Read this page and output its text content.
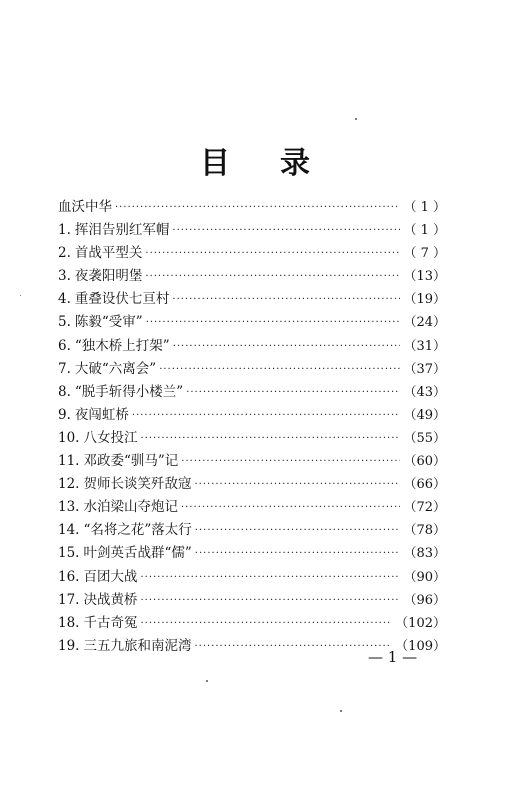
目 录
血沃中华 ·····	（ 1 ）
1. 挥泪告别红军帽 ·····	（ 1 ）
2. 首战平型关 ·····	（ 7 ）
3. 夜袭阳明堡 ·····	（13）
4. 重叠设伏七亘村 ·····	（19）
5. 陈毅“受审” ·····	（24）
6. “独木桥上打架” ·····	（31）
7. 大破“六离会” ·····	（37）
8. “脱手斩得小楼兰” ·····	（43）
9. 夜闯虹桥 ·····	（49）
10. 八女投江 ·····	（55）
11. 邓政委“驯马”记 ·····	（60）
12. 贺师长谈笑歼敌寇 ·····	（66）
13. 水泊梁山夺炮记 ·····	（72）
14. “名将之花”落太行 ·····	（78）
15. 叶剑英舌战群“儒” ·····	（83）
16. 百团大战 ·····	（90）
17. 决战黄桥 ·····	（96）
18. 千古奇冤 ·····	（102）
19. 三五九旅和南泥湾 ·····	（109）
— 1 —
